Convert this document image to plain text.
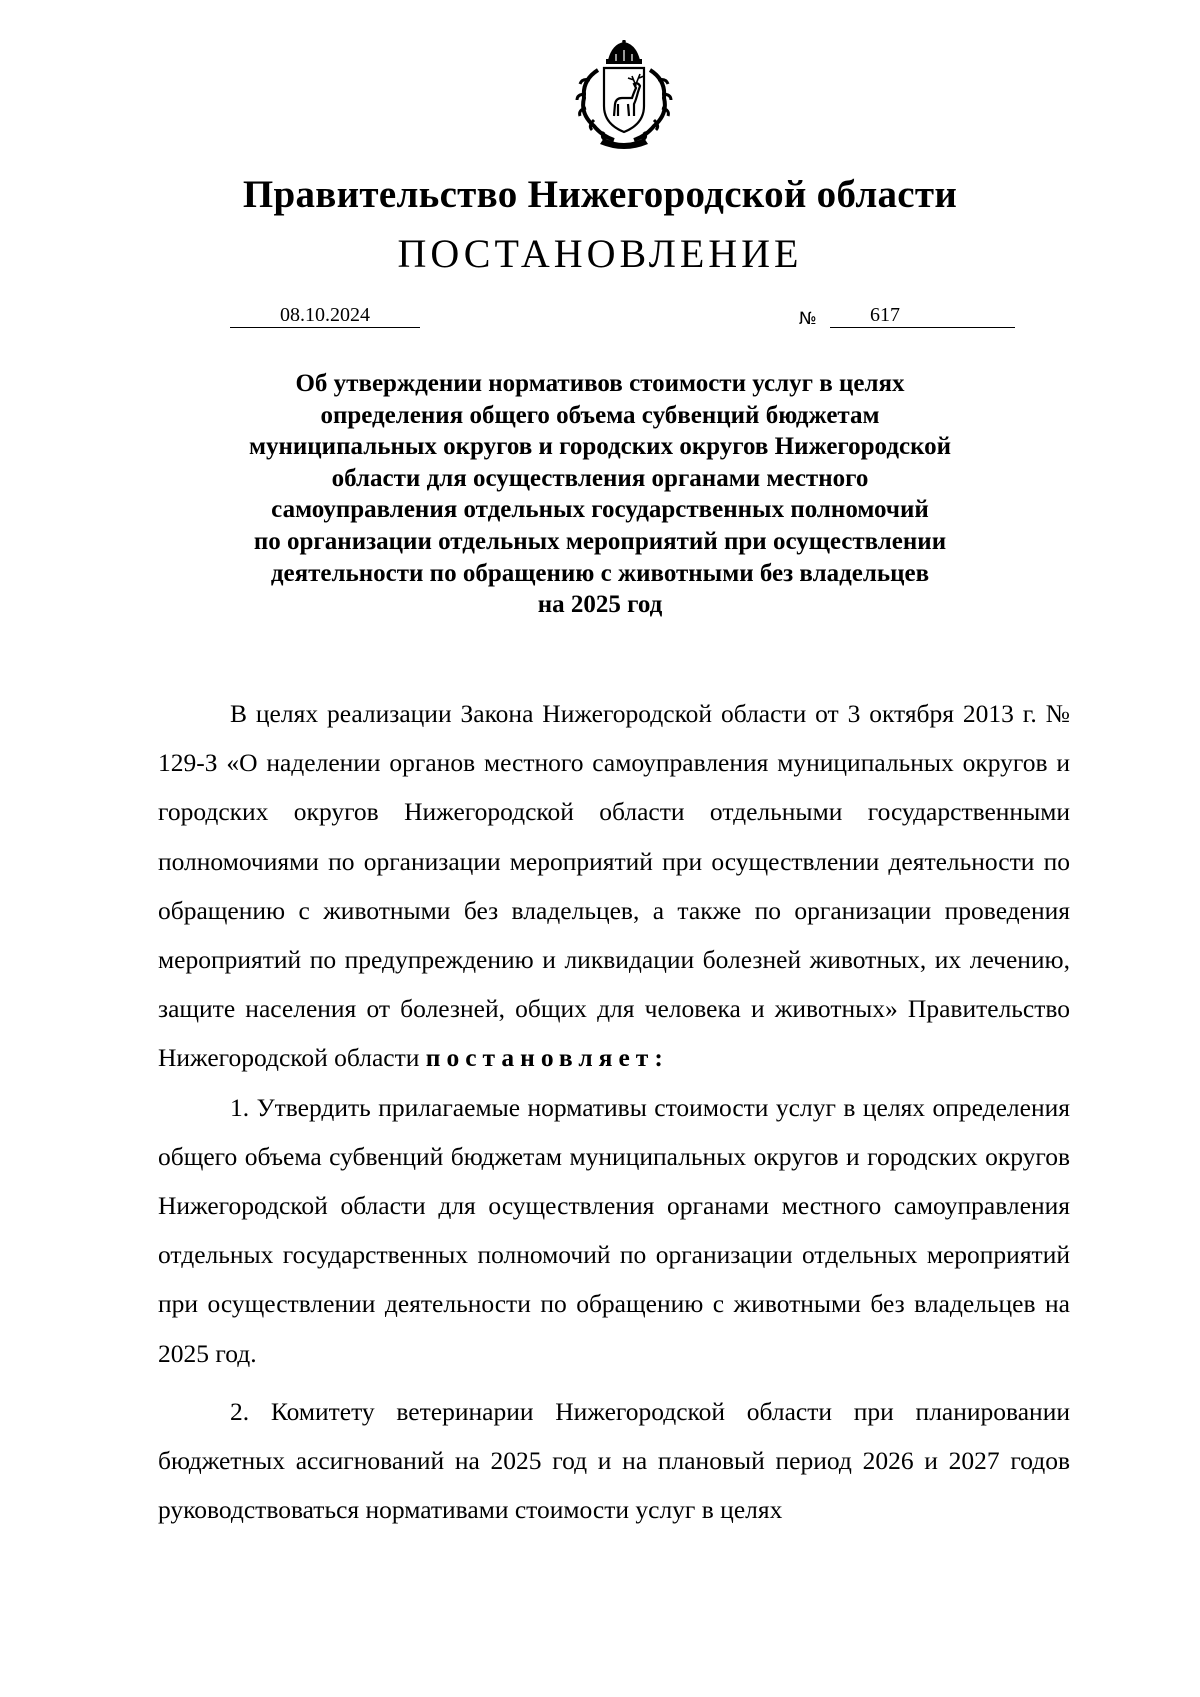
Правительство Нижегородской области
ПОСТАНОВЛЕНИЕ
08.10.2024	№	617
Об утверждении нормативов стоимости услуг в целях
определения общего объема субвенций бюджетам
муниципальных округов и городских округов Нижегородской
области для осуществления органами местного
самоуправления отдельных государственных полномочий
по организации отдельных мероприятий при осуществлении
деятельности по обращению с животными без владельцев
на 2025 год

В целях реализации Закона Нижегородской области от 3 октября 2013 г. № 129-З «О наделении органов местного самоуправления муниципальных округов и городских округов Нижегородской области отдельными государственными полномочиями по организации мероприятий при осуществлении деятельности по обращению с животными без владельцев, а также по организации проведения мероприятий по предупреждению и ликвидации болезней животных, их лечению, защите населения от болезней, общих для человека и животных» Правительство Нижегородской области постановляет:

1. Утвердить прилагаемые нормативы стоимости услуг в целях определения общего объема субвенций бюджетам муниципальных округов и городских округов Нижегородской области для осуществления органами местного самоуправления отдельных государственных полномочий по организации отдельных мероприятий при осуществлении деятельности по обращению с животными без владельцев на 2025 год.

2. Комитету ветеринарии Нижегородской области при планировании бюджетных ассигнований на 2025 год и на плановый период 2026 и 2027 годов руководствоваться нормативами стоимости услуг в целях
